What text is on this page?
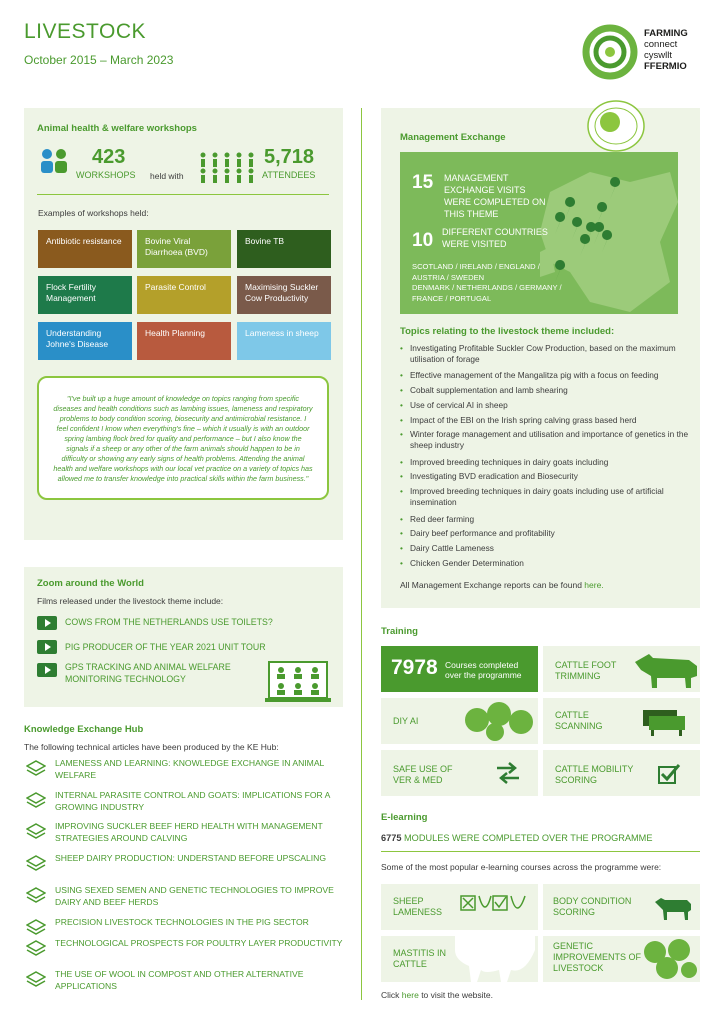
LIVESTOCK
October 2015 – March 2023
FARMING
connect
cyswllt
FFERMIO
Animal health & welfare workshops
423
WORKSHOPS held with
5,718
ATTENDEES
Examples of workshops held:
Antibiotic resistance	Bovine Viral Diarrhoea (BVD)
Bovine TB
Flock Fertility Management
Parasite Control	Maximising Suckler Cow Productivity
Understanding Johne's Disease
Health Planning	Lameness in sheep
"I've built up a huge amount of knowledge on topics ranging from specific diseases and health conditions such as lambing issues, lameness and respiratory problems to body condition scoring, biosecurity and antimicrobial resistance. I feel confident I know when everything's fine – which it usually is with an outdoor spring lambing flock bred for quality and performance – but I also know the signals if a sheep or any other of the farm animals should happen to be in difficulty or showing any early signs of health problems. Attending the animal health and welfare workshops with our local vet practice on a variety of topics has allowed me to transfer knowledge into practical skills within the farm business."
Zoom around the World
Films released under the livestock theme include:
COWS FROM THE NETHERLANDS USE TOILETS?
PIG PRODUCER OF THE YEAR 2021 UNIT TOUR
GPS TRACKING AND ANIMAL WELFARE MONITORING TECHNOLOGY
Knowledge Exchange Hub
The following technical articles have been produced by the KE Hub:
LAMENESS AND LEARNING: KNOWLEDGE EXCHANGE IN ANIMAL WELFARE
INTERNAL PARASITE CONTROL AND GOATS: IMPLICATIONS FOR A GROWING INDUSTRY
IMPROVING SUCKLER BEEF HERD HEALTH WITH MANAGEMENT STRATEGIES AROUND CALVING
SHEEP DAIRY PRODUCTION: UNDERSTAND BEFORE UPSCALING
USING SEXED SEMEN AND GENETIC TECHNOLOGIES TO IMPROVE DAIRY AND BEEF HERDS
PRECISION LIVESTOCK TECHNOLOGIES IN THE PIG SECTOR
TECHNOLOGICAL PROSPECTS FOR POULTRY LAYER PRODUCTIVITY
THE USE OF WOOL IN COMPOST AND OTHER ALTERNATIVE APPLICATIONS
Management Exchange
15 MANAGEMENT EXCHANGE VISITS WERE COMPLETED ON THIS THEME
10 DIFFERENT COUNTRIES WERE VISITED
SCOTLAND / IRELAND / ENGLAND / AUSTRIA / SWEDEN
DENMARK / NETHERLANDS / GERMANY / FRANCE / PORTUGAL
Topics relating to the livestock theme included:
• Investigating Profitable Suckler Cow Production, based on the maximum utilisation of forage
• Effective management of the Mangalitza pig with a focus on feeding
• Cobalt supplementation and lamb shearing
• Use of cervical AI in sheep
• Impact of the EBI on the Irish spring calving grass based herd
• Winter forage management and utilisation and importance of genetics in the sheep industry
• Improved breeding techniques in dairy goats including
• Investigating BVD eradication and Biosecurity
• Improved breeding techniques in dairy goats including use of artificial insemination
• Red deer farming
• Dairy beef performance and profitability
• Dairy Cattle Lameness
• Chicken Gender Determination
All Management Exchange reports can be found here.
Training
7978 Courses completed over the programme
CATTLE FOOT TRIMMING
DIY AI
CATTLE SCANNING
SAFE USE OF VER & MED
CATTLE MOBILITY SCORING
E-learning
6775 MODULES WERE COMPLETED OVER THE PROGRAMME
Some of the most popular e-learning courses across the programme were:
SHEEP LAMENESS
BODY CONDITION SCORING
MASTITIS IN CATTLE
GENETIC IMPROVEMENTS OF LIVESTOCK
Click here to visit the website.
